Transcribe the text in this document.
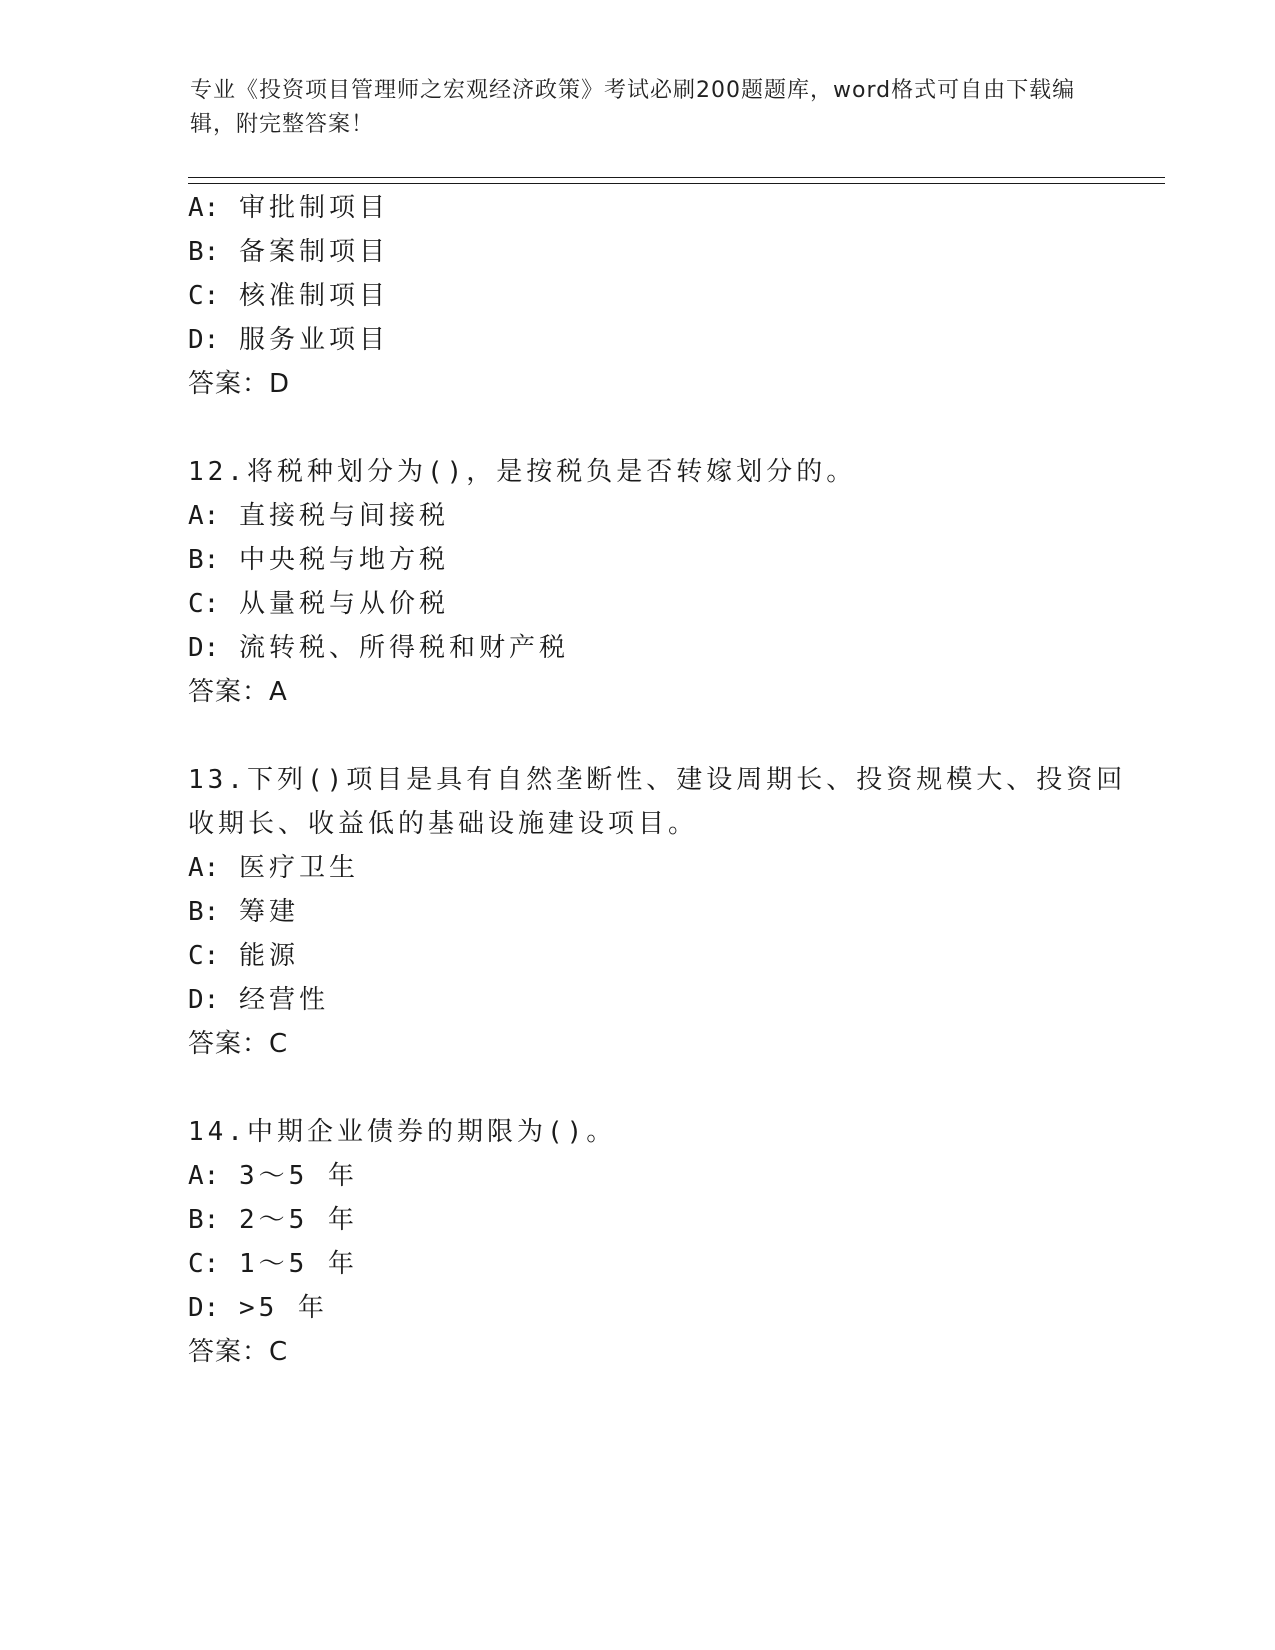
专业《投资项目管理师之宏观经济政策》考试必刷200题题库，word格式可自由下载编辑，附完整答案！
A: 审批制项目
B: 备案制项目
C: 核准制项目
D: 服务业项目
答案：D
12.将税种划分为()，是按税负是否转嫁划分的。
A: 直接税与间接税
B: 中央税与地方税
C: 从量税与从价税
D: 流转税、所得税和财产税
答案：A
13.下列()项目是具有自然垄断性、建设周期长、投资规模大、投资回
收期长、收益低的基础设施建设项目。
A: 医疗卫生
B: 筹建
C: 能源
D: 经营性
答案：C
14.中期企业债券的期限为()。
A: 3～5 年
B: 2～5 年
C: 1～5 年
D: >5 年
答案：C
